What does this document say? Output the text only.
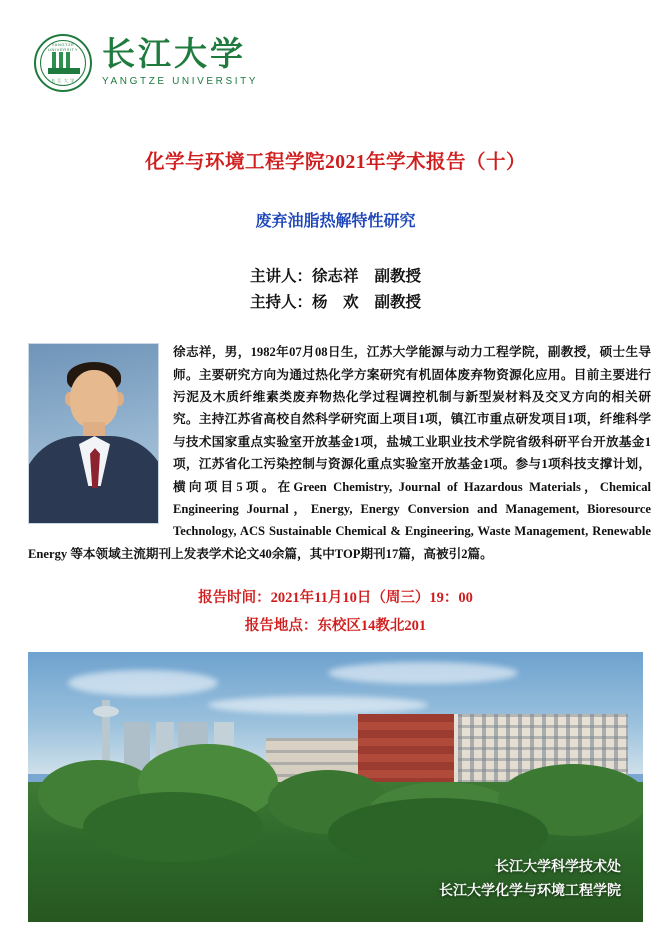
YANGTZE UNIVERSITY
长 江 大 学
长江大学
YANGTZE UNIVERSITY
化学与环境工程学院2021年学术报告（十）
废弃油脂热解特性研究
主讲人：徐志祥 副教授
主持人：杨　欢 副教授

徐志祥，男，1982年07月08日生，江苏大学能源与动力工程学院，副教授，硕士生导师。主要研究方向为通过热化学方案研究有机固体废弃物资源化应用。目前主要进行污泥及木质纤维素类废弃物热化学过程调控机制与新型炭材料及交叉方向的相关研究。主持江苏省高校自然科学研究面上项目1项，镇江市重点研发项目1项，纤维科学与技术国家重点实验室开放基金1项，盐城工业职业技术学院省级科研平台开放基金1项，江苏省化工污染控制与资源化重点实验室开放基金1项。参与1项科技支撑计划，横向项目5项。在Green Chemistry, Journal of Hazardous Materials，Chemical Engineering Journal，Energy, Energy Conversion and Management, Bioresource Technology, ACS Sustainable Chemical & Engineering, Waste Management, Renewable Energy 等本领域主流期刊上发表学术论文40余篇，其中TOP期刊17篇，高被引2篇。

报告时间：2021年11月10日（周三）19：00
报告地点：东校区14教北201
长江大学科学技术处
长江大学化学与环境工程学院
